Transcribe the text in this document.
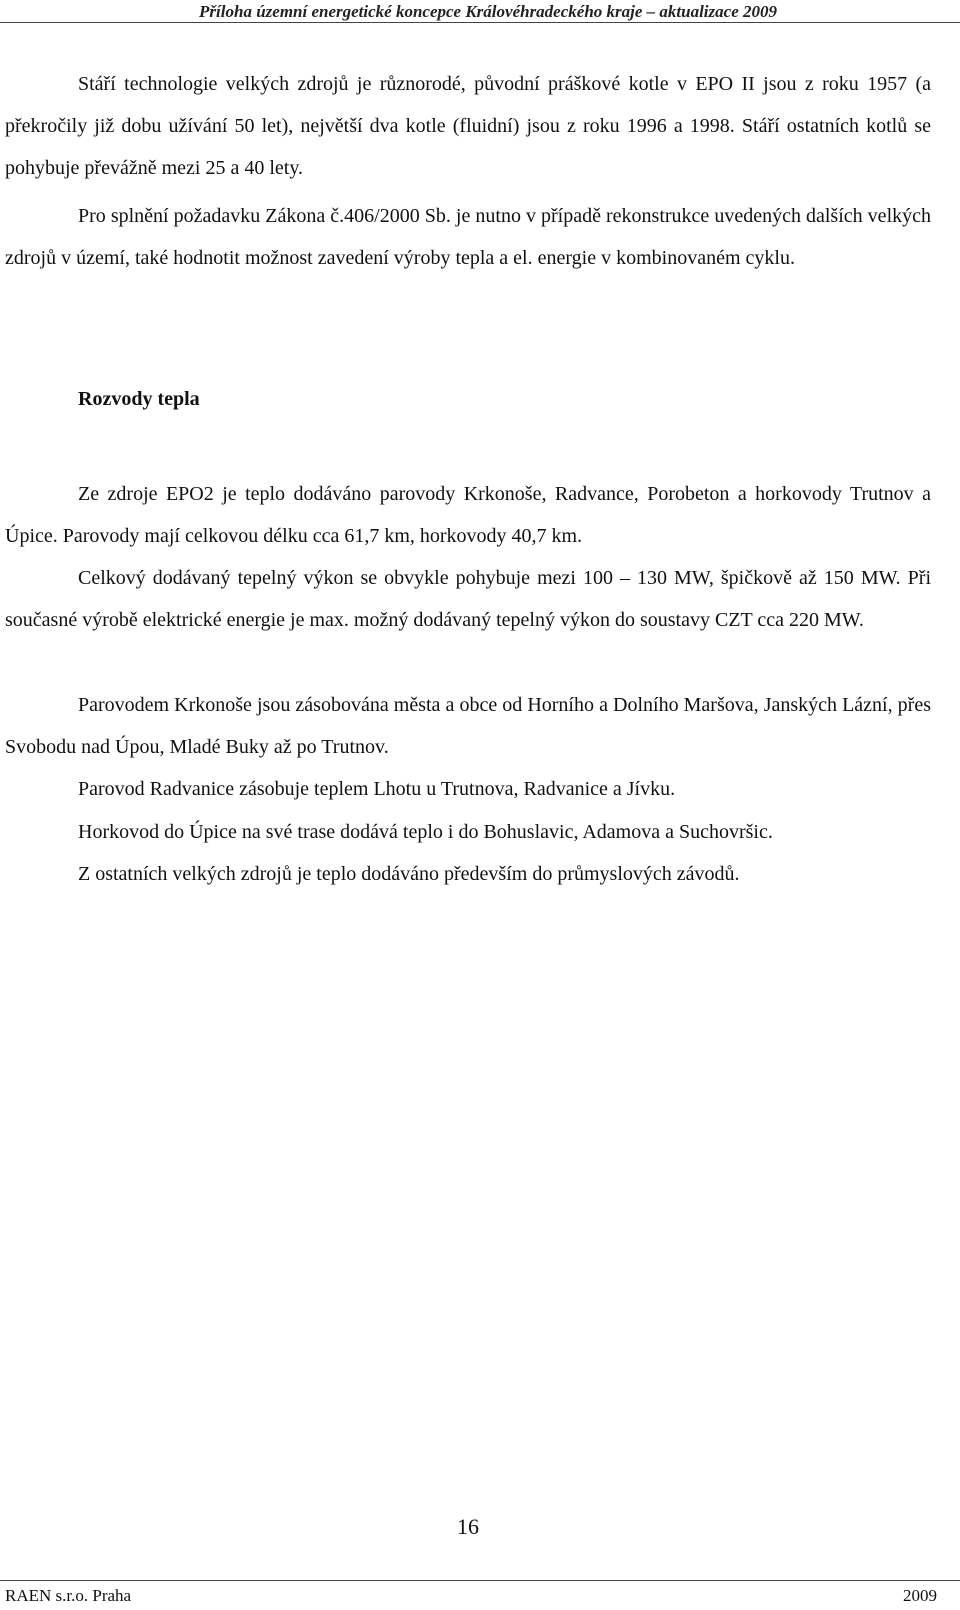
Příloha územní energetické koncepce Královéhradeckého kraje – aktualizace 2009

Stáří technologie velkých zdrojů je různorodé, původní práškové kotle v EPO II jsou z roku 1957 (a překročily již dobu užívání 50 let), největší dva kotle (fluidní) jsou z roku 1996 a 1998. Stáří ostatních kotlů se pohybuje převážně mezi 25 a 40 lety.

Pro splnění požadavku Zákona č.406/2000 Sb. je nutno v případě rekonstrukce uvedených dalších velkých zdrojů v území, také hodnotit možnost zavedení výroby tepla a el. energie v kombinovaném cyklu.

Rozvody tepla

Ze zdroje EPO2 je teplo dodáváno parovody Krkonoše, Radvance, Porobeton a horkovody Trutnov a Úpice. Parovody mají celkovou délku cca 61,7 km, horkovody 40,7 km.

Celkový dodávaný tepelný výkon se obvykle pohybuje mezi 100 – 130 MW, špičkově až 150 MW. Při současné výrobě elektrické energie je max. možný dodávaný tepelný výkon do soustavy CZT cca 220 MW.

Parovodem Krkonoše jsou zásobována města a obce od Horního a Dolního Maršova, Janských Lázní, přes Svobodu nad Úpou, Mladé Buky až po Trutnov.

Parovod Radvanice zásobuje teplem Lhotu u Trutnova, Radvanice a Jívku.

Horkovod do Úpice na své trase dodává teplo i do Bohuslavic, Adamova a Suchovršic.

Z ostatních velkých zdrojů je teplo dodáváno především do průmyslových závodů.

16
RAEN s.r.o. Praha	2009
